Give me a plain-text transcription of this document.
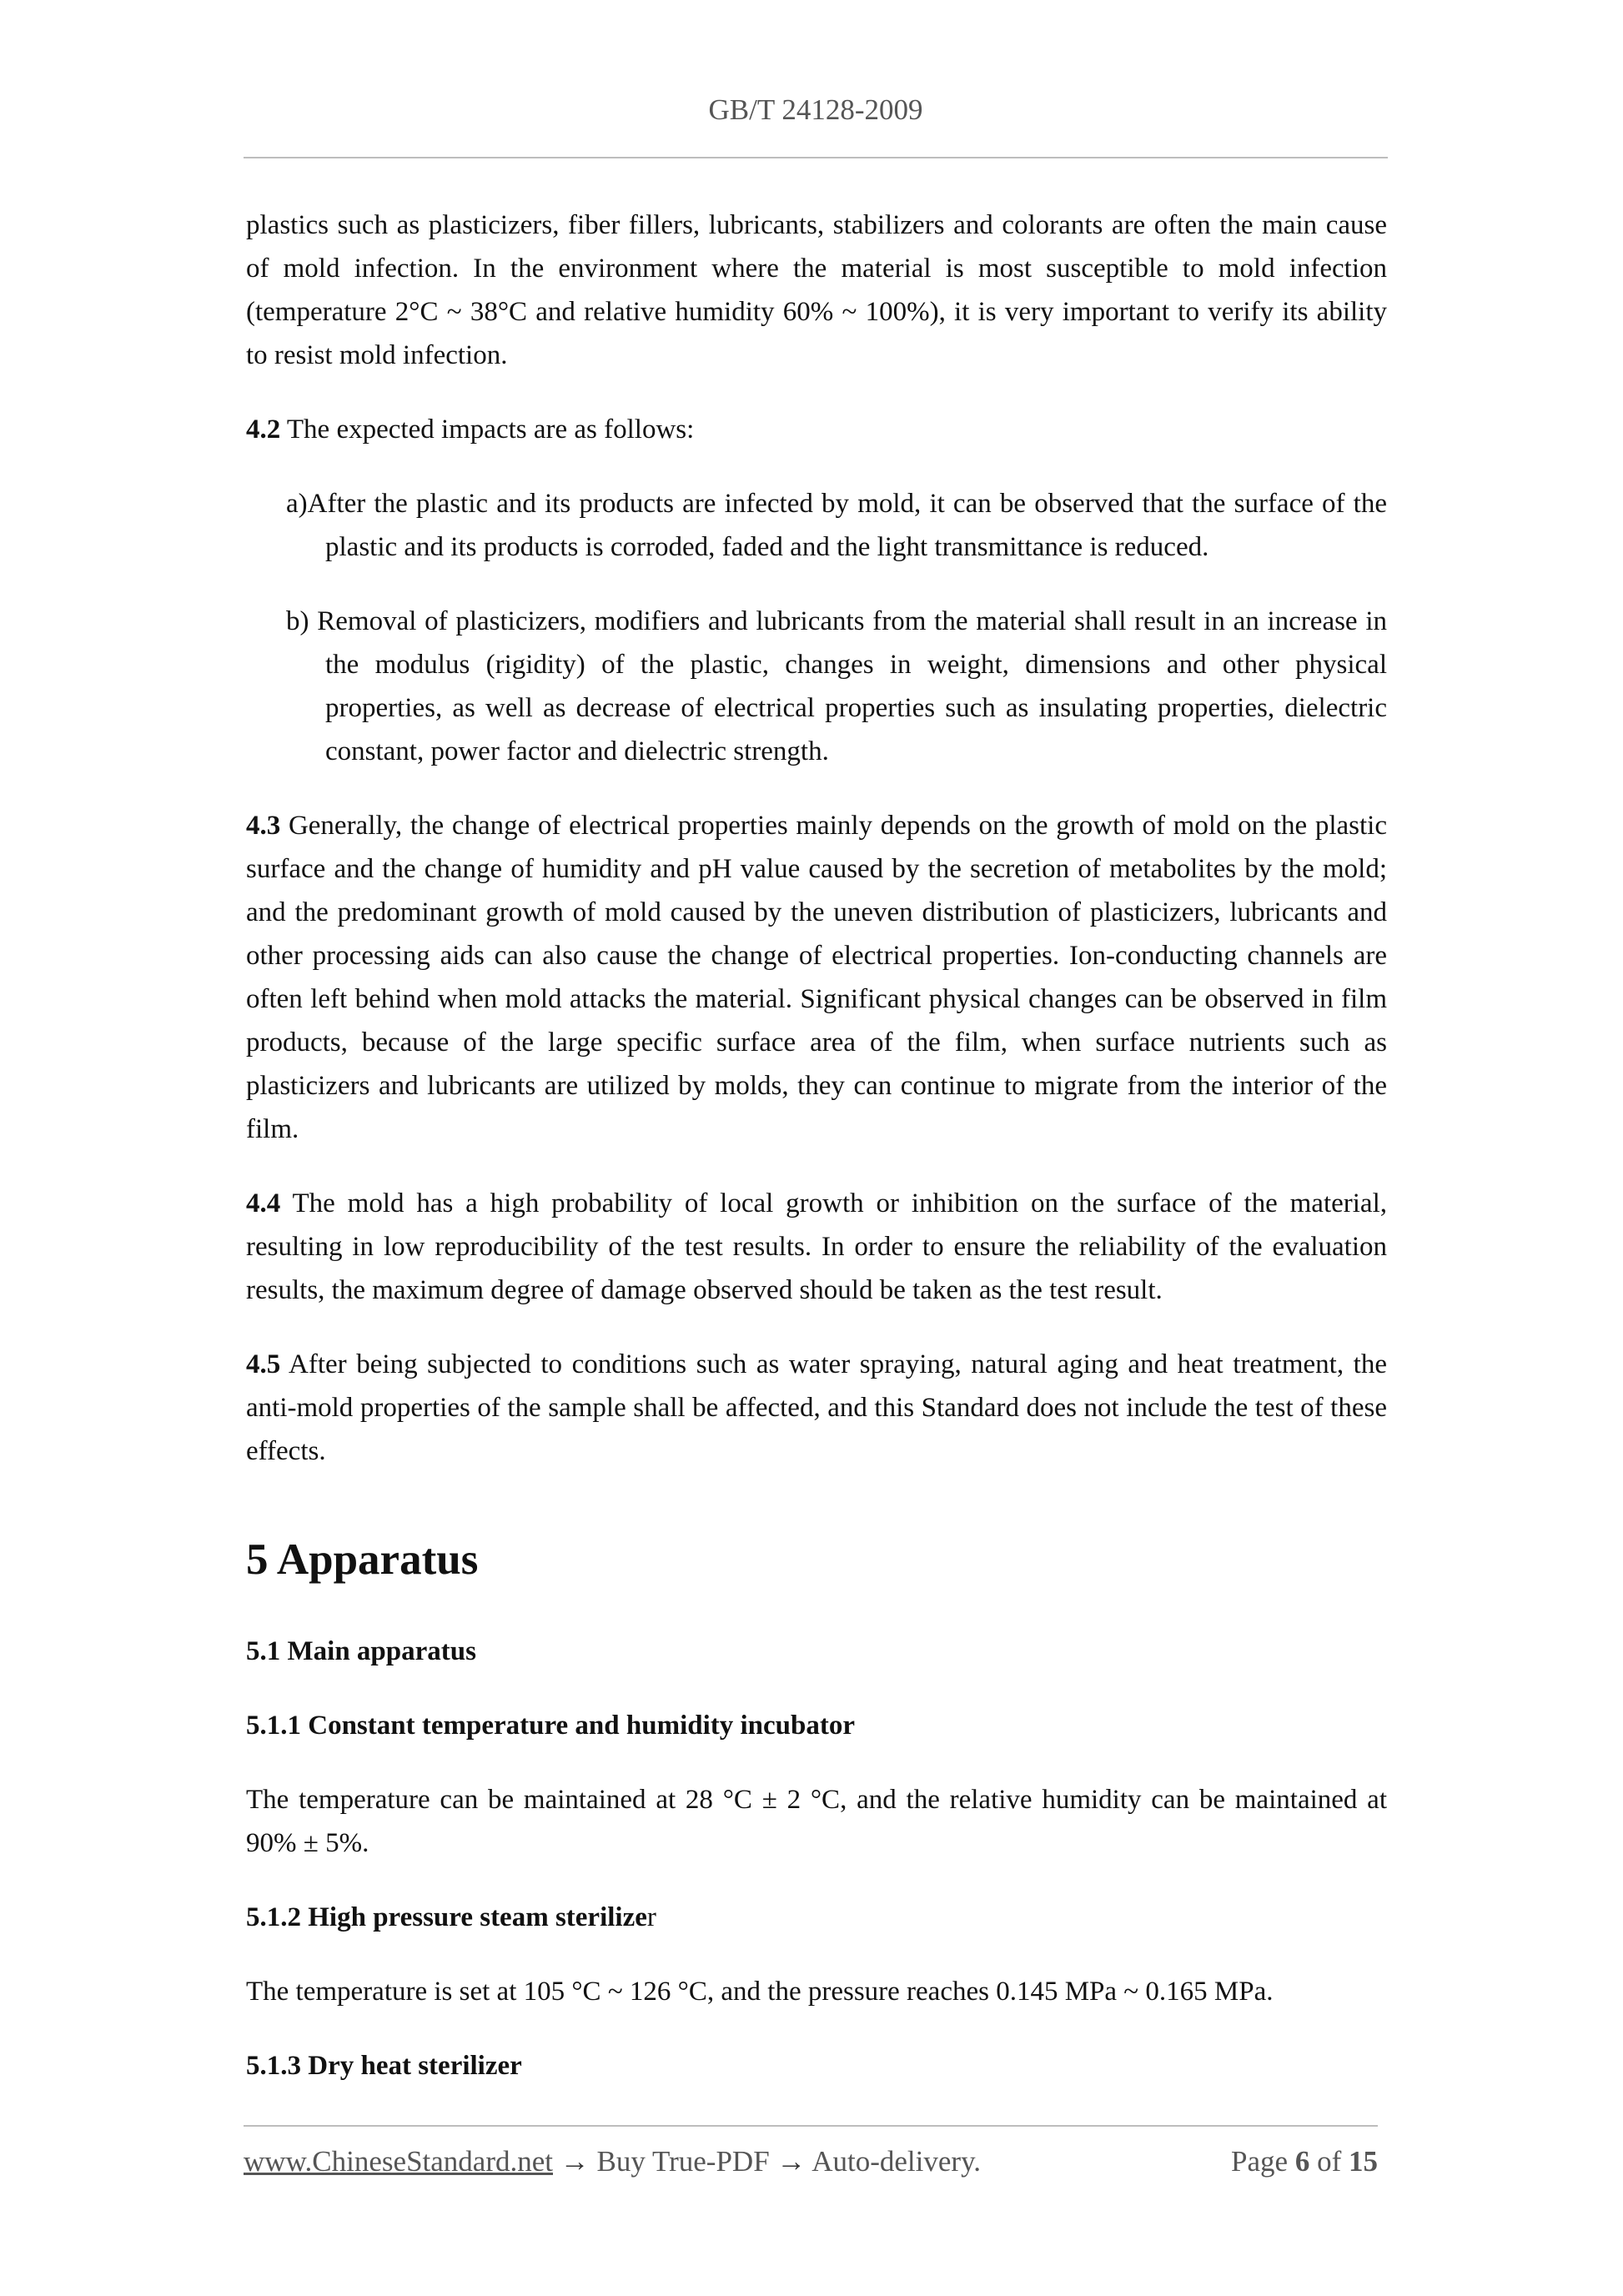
GB/T 24128-2009

plastics such as plasticizers, fiber fillers, lubricants, stabilizers and colorants are often the main cause of mold infection. In the environment where the material is most susceptible to mold infection (temperature 2°C ~ 38°C and relative humidity 60% ~ 100%), it is very important to verify its ability to resist mold infection.

4.2 The expected impacts are as follows:

a)After the plastic and its products are infected by mold, it can be observed that the surface of the plastic and its products is corroded, faded and the light transmittance is reduced.

b) Removal of plasticizers, modifiers and lubricants from the material shall result in an increase in the modulus (rigidity) of the plastic, changes in weight, dimensions and other physical properties, as well as decrease of electrical properties such as insulating properties, dielectric constant, power factor and dielectric strength.

4.3 Generally, the change of electrical properties mainly depends on the growth of mold on the plastic surface and the change of humidity and pH value caused by the secretion of metabolites by the mold; and the predominant growth of mold caused by the uneven distribution of plasticizers, lubricants and other processing aids can also cause the change of electrical properties. Ion-conducting channels are often left behind when mold attacks the material. Significant physical changes can be observed in film products, because of the large specific surface area of the film, when surface nutrients such as plasticizers and lubricants are utilized by molds, they can continue to migrate from the interior of the film.

4.4 The mold has a high probability of local growth or inhibition on the surface of the material, resulting in low reproducibility of the test results. In order to ensure the reliability of the evaluation results, the maximum degree of damage observed should be taken as the test result.

4.5 After being subjected to conditions such as water spraying, natural aging and heat treatment, the anti-mold properties of the sample shall be affected, and this Standard does not include the test of these effects.

5 Apparatus
5.1 Main apparatus
5.1.1 Constant temperature and humidity incubator

The temperature can be maintained at 28 °C ± 2 °C, and the relative humidity can be maintained at 90% ± 5%.

5.1.2 High pressure steam sterilizer

The temperature is set at 105 °C ~ 126 °C, and the pressure reaches 0.145 MPa ~ 0.165 MPa.

5.1.3 Dry heat sterilizer
www.ChineseStandard.net → Buy True-PDF → Auto-delivery.	Page 6 of 15
